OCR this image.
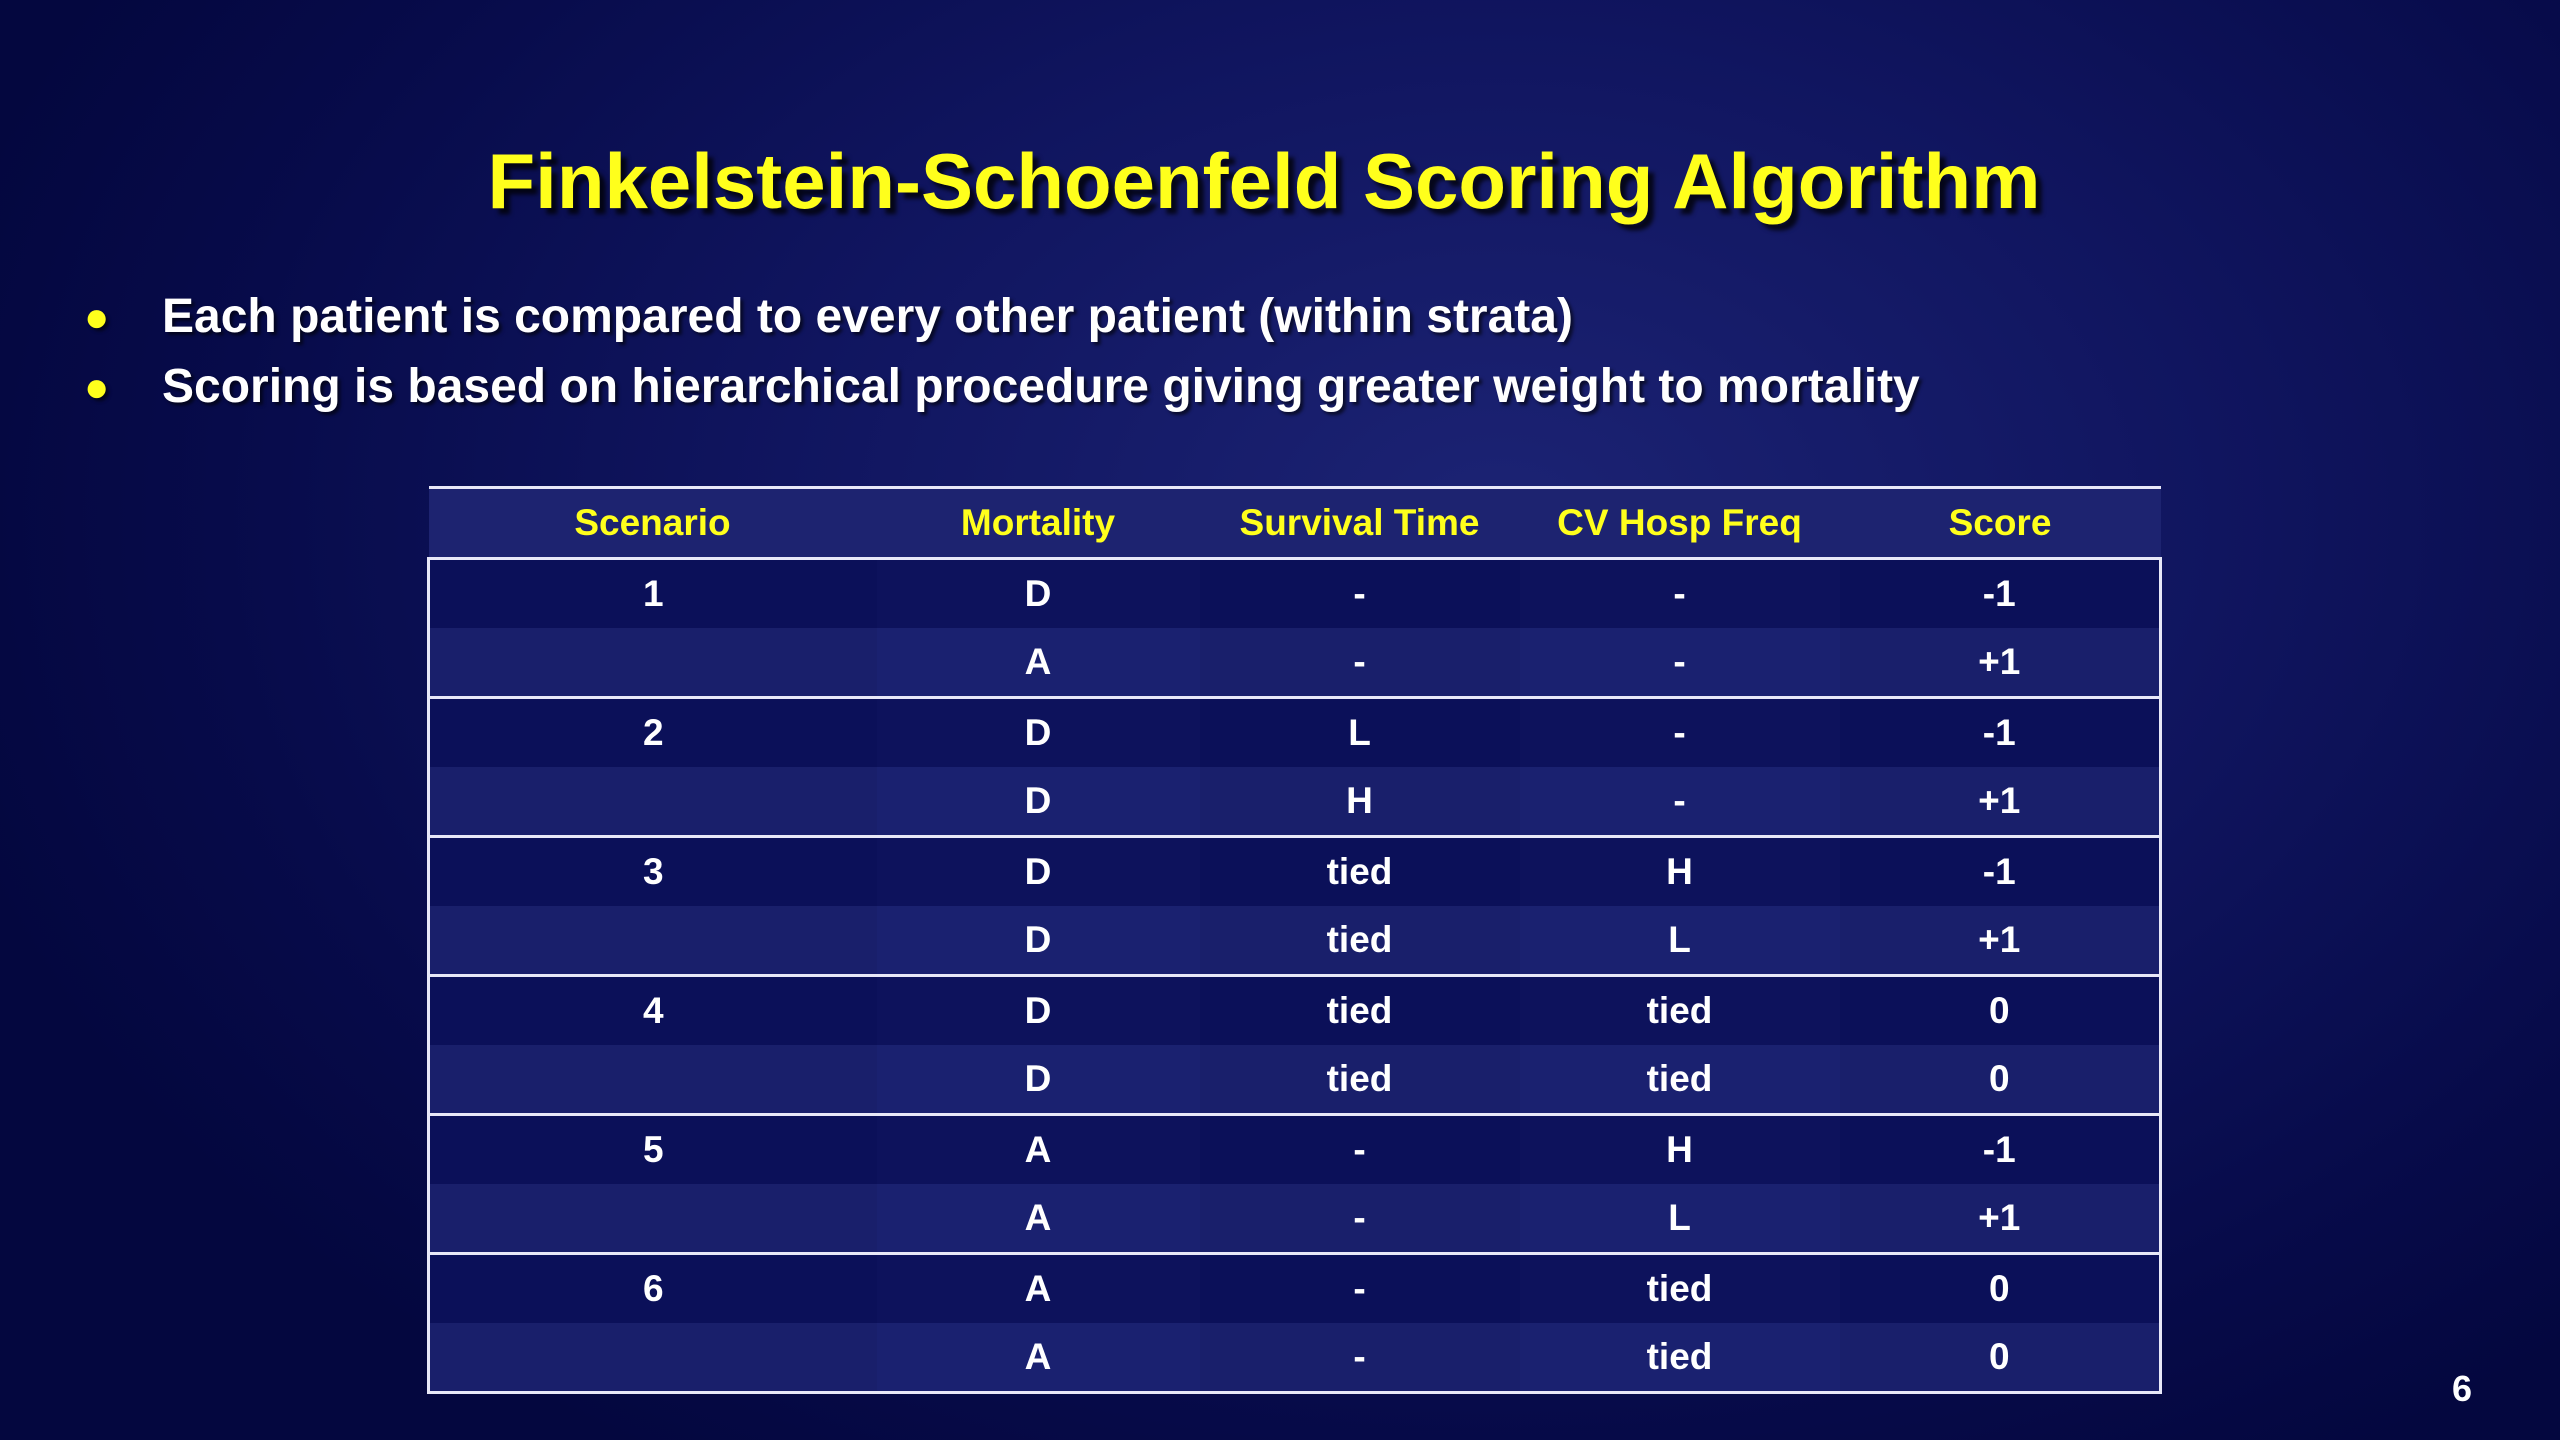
Finkelstein-Schoenfeld Scoring Algorithm
● Each patient is compared to every other patient (within strata)
● Scoring is based on hierarchical procedure giving greater weight to mortality
Scenario	Mortality	Survival Time	CV Hosp Freq	Score
1	D	-	-	-1
	A	-	-	+1
2	D	L	-	-1
	D	H	-	+1
3	D	tied	H	-1
	D	tied	L	+1
4	D	tied	tied	0
	D	tied	tied	0
5	A	-	H	-1
	A	-	L	+1
6	A	-	tied	0
	A	-	tied	0
6
